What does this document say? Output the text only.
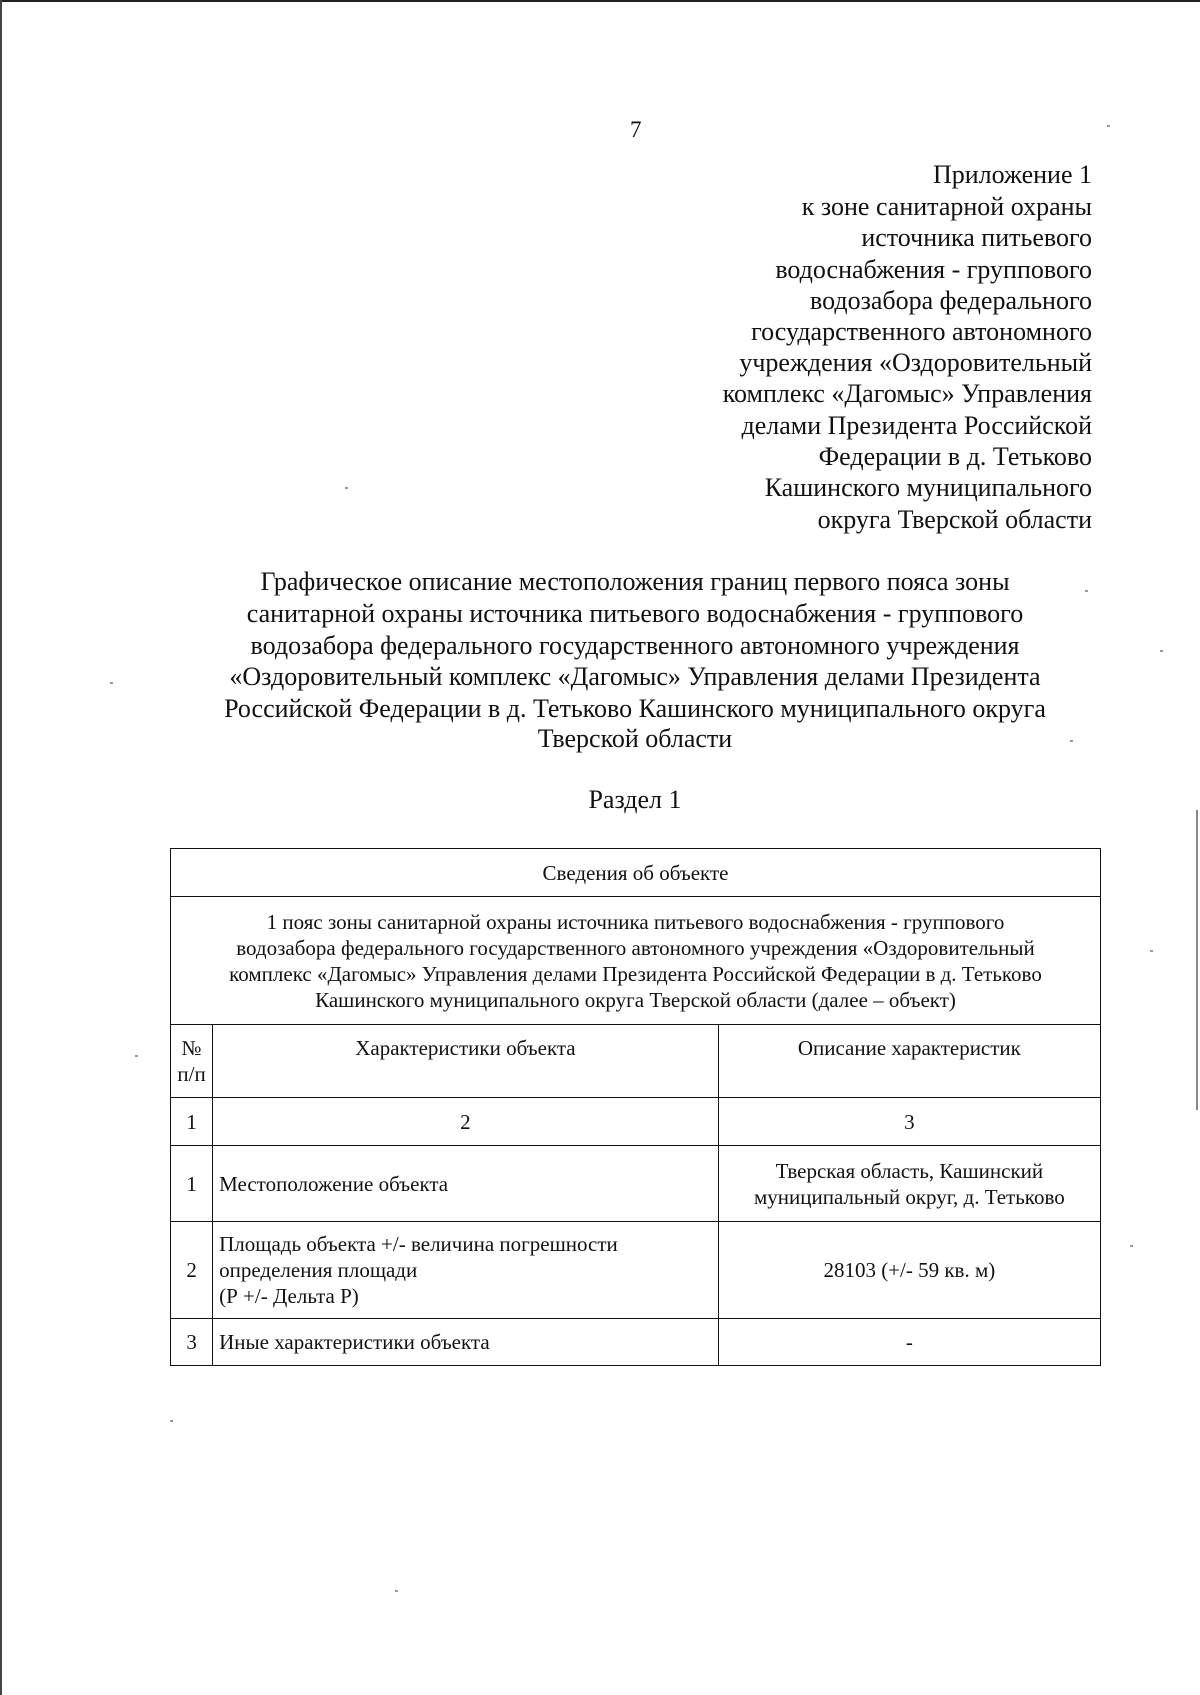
7
Приложение 1
к зоне санитарной охраны
источника питьевого
водоснабжения - группового
водозабора федерального
государственного автономного
учреждения «Оздоровительный
комплекс «Дагомыс» Управления
делами Президента Российской
Федерации в д. Тетьково
Кашинского муниципального
округа Тверской области
Графическое описание местоположения границ первого пояса зоны
санитарной охраны источника питьевого водоснабжения - группового
водозабора федерального государственного автономного учреждения
«Оздоровительный комплекс «Дагомыс» Управления делами Президента
Российской Федерации в д. Тетьково Кашинского муниципального округа
Тверской области
Раздел 1
Сведения об объекте		

1 пояс зоны санитарной охраны источника питьевого водоснабжения - группового
водозабора федерального государственного автономного учреждения «Оздоровительный
комплекс «Дагомыс» Управления делами Президента Российской Федерации в д. Тетьково
Кашинского муниципального округа Тверской области (далее – объект)		

№
п/п	Характеристики объекта	Описание характеристик
1	2	3
1	Местоположение объекта	Тверская область, Кашинский
муниципальный округ, д. Тетьково

2	Площадь объекта +/- величина погрешности
определения площади
(Р +/- Дельта Р)	28103 (+/- 59 кв. м)

3	Иные характеристики объекта	-
